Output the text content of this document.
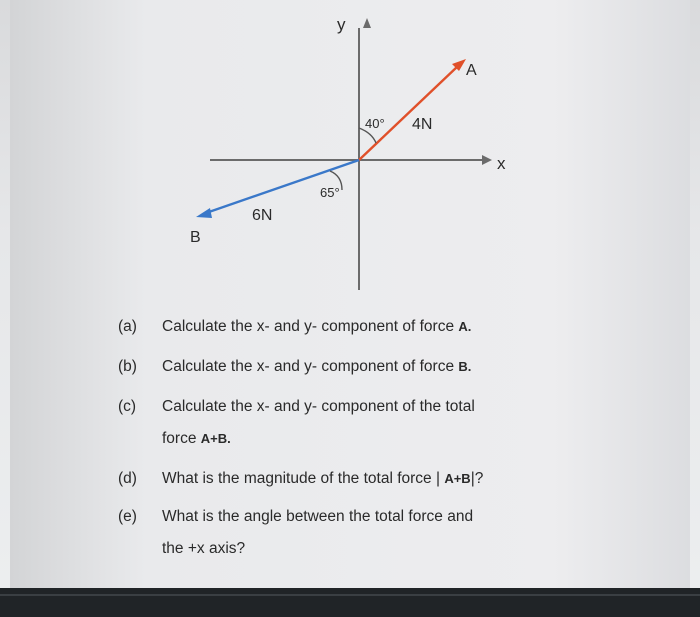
y
x
A
4N
40°
B
6N
65°
(a) Calculate the x- and y- component of force A.
(b) Calculate the x- and y- component of force B.
(c) Calculate the x- and y- component of the total
force A+B.
(d) What is the magnitude of the total force | A+B|?
(e) What is the angle between the total force and
the +x axis?
